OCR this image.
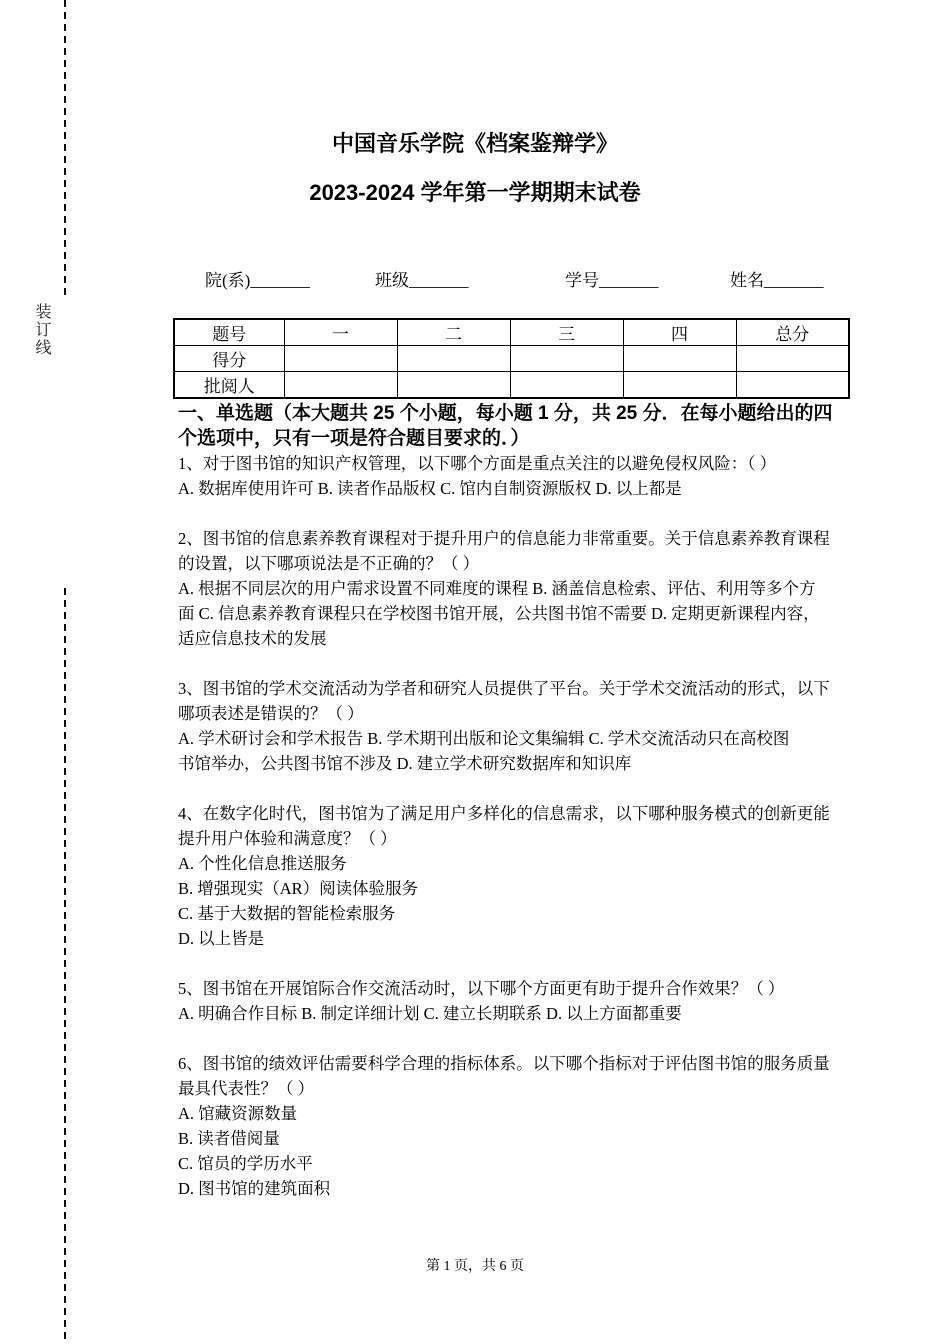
装订线
中国音乐学院《档案鉴辩学》
2023-2024 学年第一学期期末试卷
院(系)_______	班级_______	学号_______	姓名_______
题号	一	二	三	四	总分
得分					
批阅人					
一、单选题（本大题共 25 个小题，每小题 1 分，共 25 分．在每小题给出的四
个选项中，只有一项是符合题目要求的．）
1、对于图书馆的知识产权管理，以下哪个方面是重点关注的以避免侵权风险：（ ）
A. 数据库使用许可 B. 读者作品版权 C. 馆内自制资源版权 D. 以上都是
2、图书馆的信息素养教育课程对于提升用户的信息能力非常重要。关于信息素养教育课程
的设置，以下哪项说法是不正确的？（ ）
A. 根据不同层次的用户需求设置不同难度的课程 B. 涵盖信息检索、评估、利用等多个方
面 C. 信息素养教育课程只在学校图书馆开展，公共图书馆不需要 D. 定期更新课程内容，
适应信息技术的发展
3、图书馆的学术交流活动为学者和研究人员提供了平台。关于学术交流活动的形式，以下
哪项表述是错误的？（ ）
A. 学术研讨会和学术报告 B. 学术期刊出版和论文集编辑 C. 学术交流活动只在高校图
书馆举办，公共图书馆不涉及 D. 建立学术研究数据库和知识库
4、在数字化时代，图书馆为了满足用户多样化的信息需求，以下哪种服务模式的创新更能
提升用户体验和满意度？（ ）
A. 个性化信息推送服务
B. 增强现实（AR）阅读体验服务
C. 基于大数据的智能检索服务
D. 以上皆是
5、图书馆在开展馆际合作交流活动时，以下哪个方面更有助于提升合作效果？（ ）
A. 明确合作目标 B. 制定详细计划 C. 建立长期联系 D. 以上方面都重要
6、图书馆的绩效评估需要科学合理的指标体系。以下哪个指标对于评估图书馆的服务质量
最具代表性？（ ）
A. 馆藏资源数量
B. 读者借阅量
C. 馆员的学历水平
D. 图书馆的建筑面积
第 1 页，共 6 页
